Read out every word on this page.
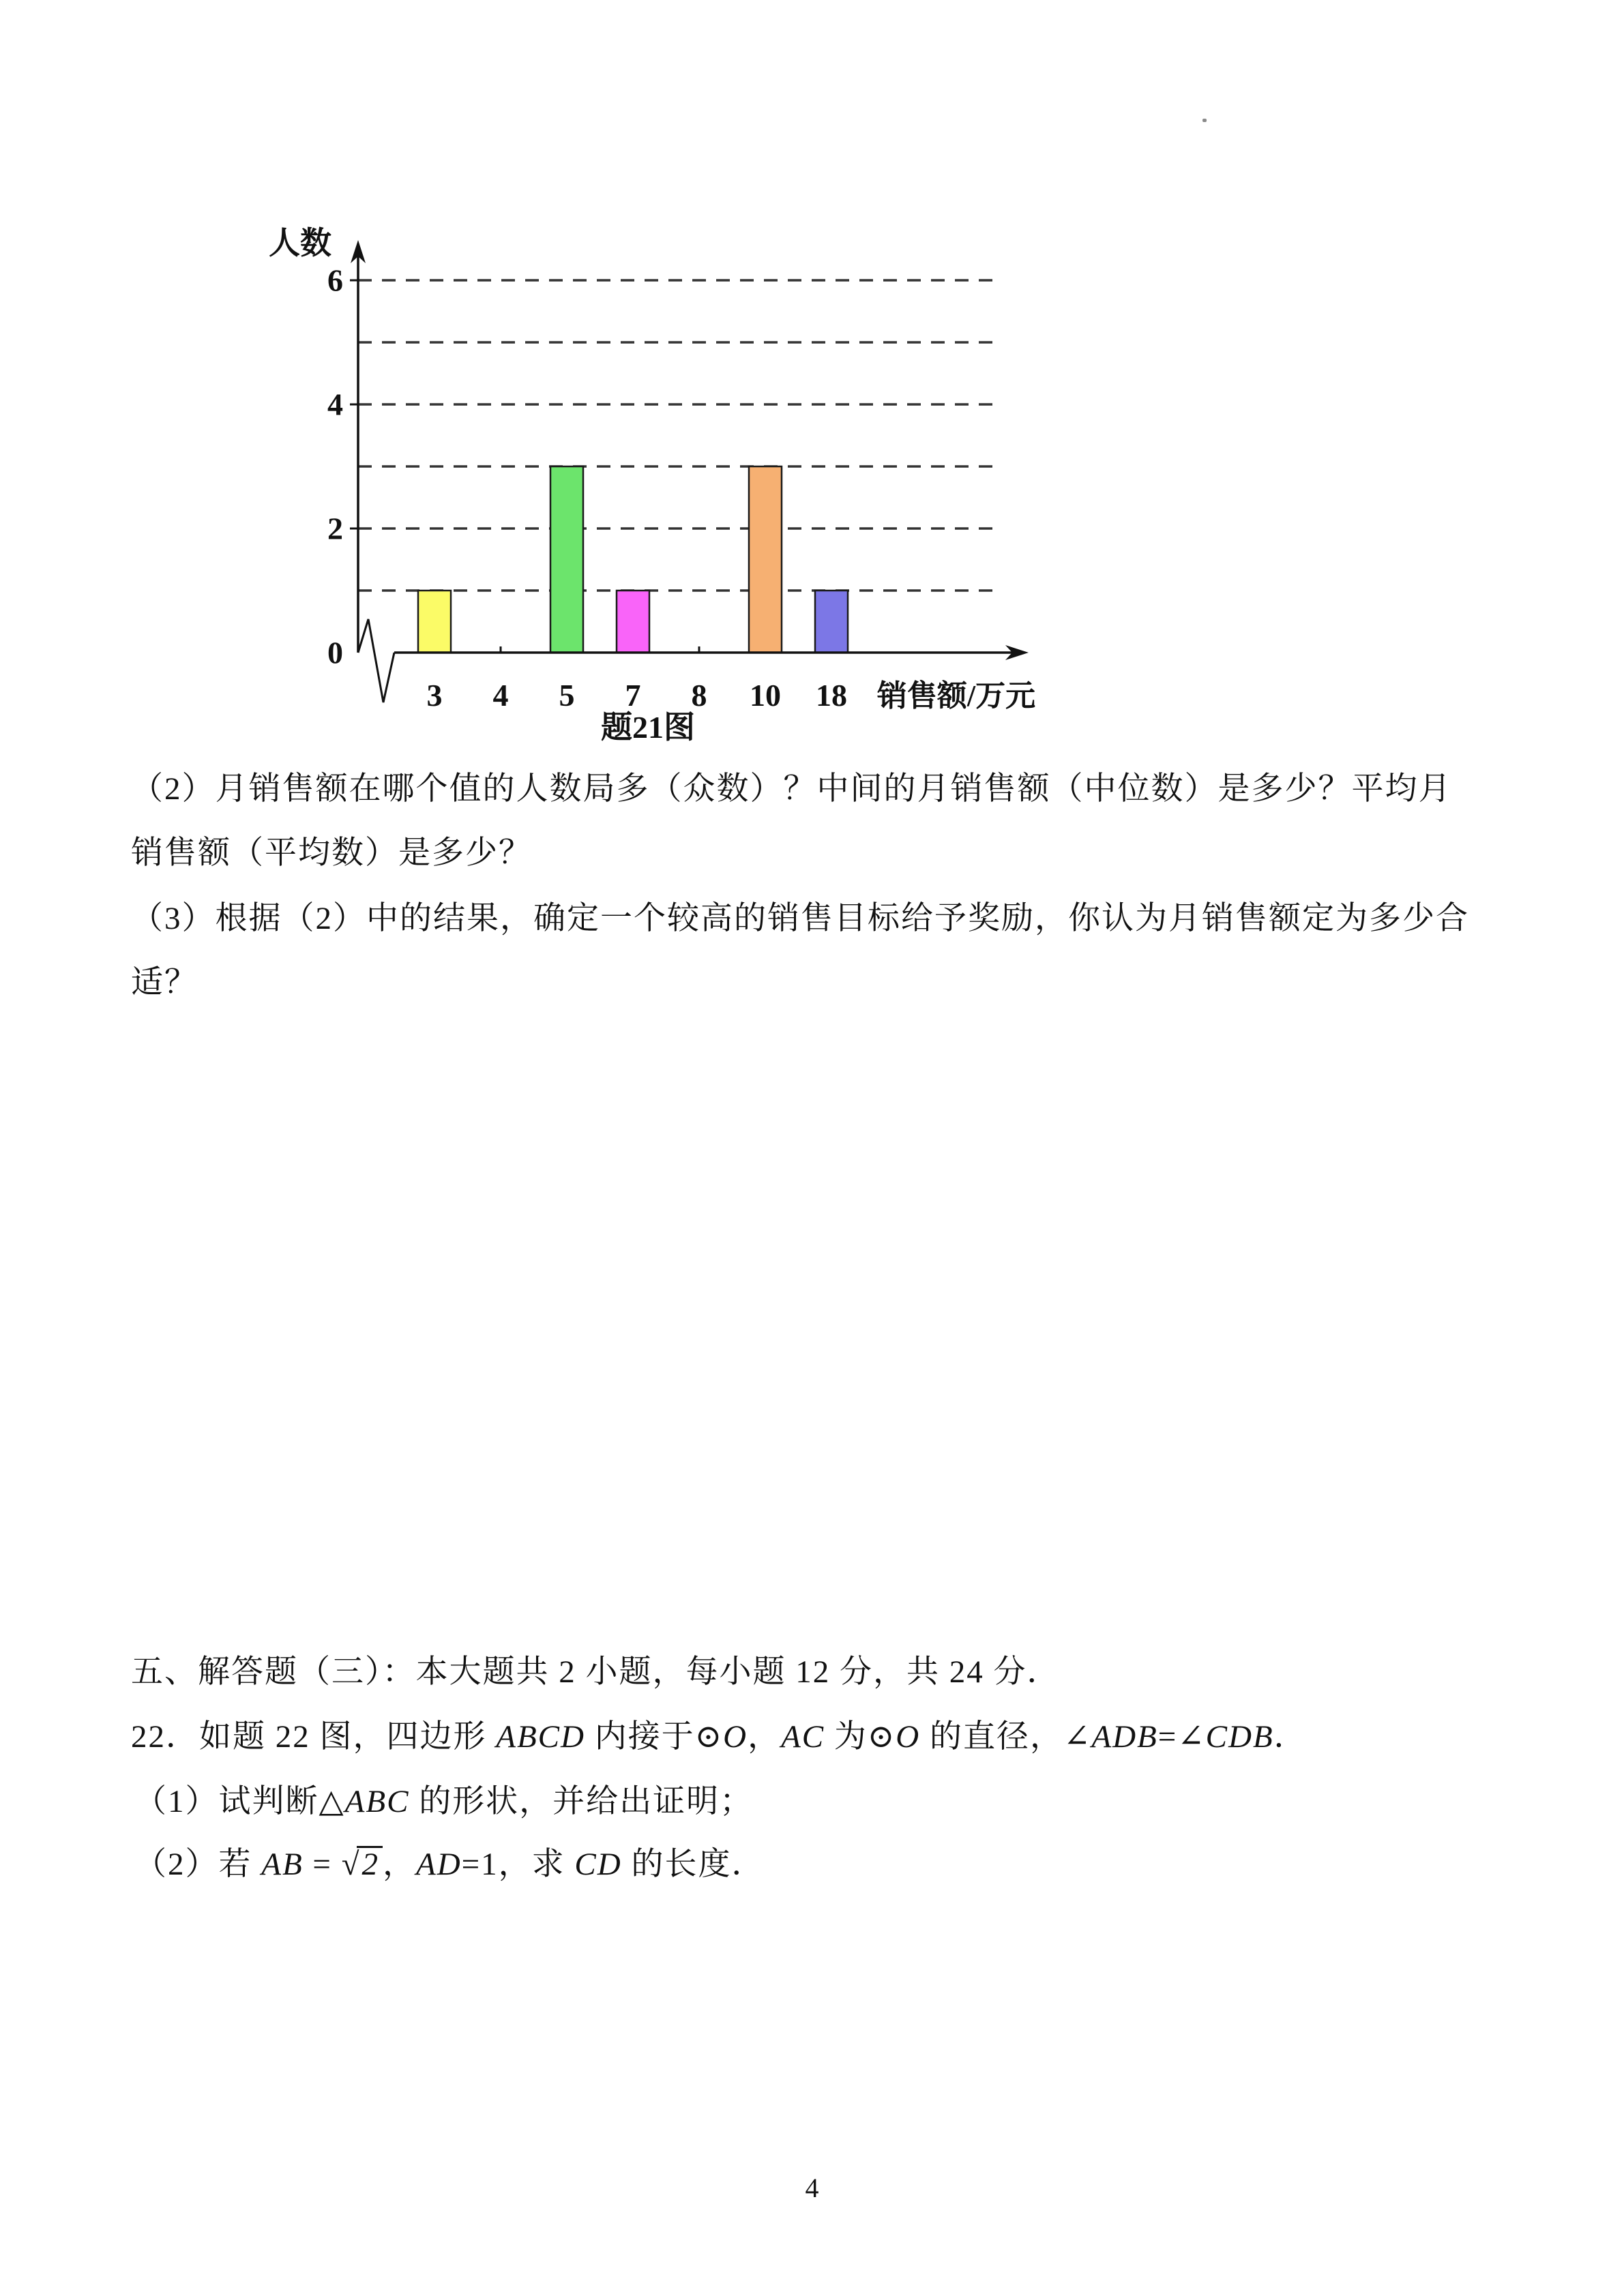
0
2
4
6
3 4 5 7 8 10 18
人数
销售额/万元
题21图
（2）月销售额在哪个值的人数局多（众数）？中间的月销售额（中位数）是多少？平均月
销售额（平均数）是多少？
（3）根据（2）中的结果，确定一个较高的销售目标给予奖励，你认为月销售额定为多少合
适？
五、解答题（三）：本大题共 2 小题，每小题 12 分，共 24 分．
22．如题 22 图，四边形 ABCD 内接于⊙O，AC 为⊙O 的直径，∠ADB=∠CDB．
（1）试判断△ABC 的形状，并给出证明；
（2）若 AB = √2 ，AD=1，求 CD 的长度．
4
